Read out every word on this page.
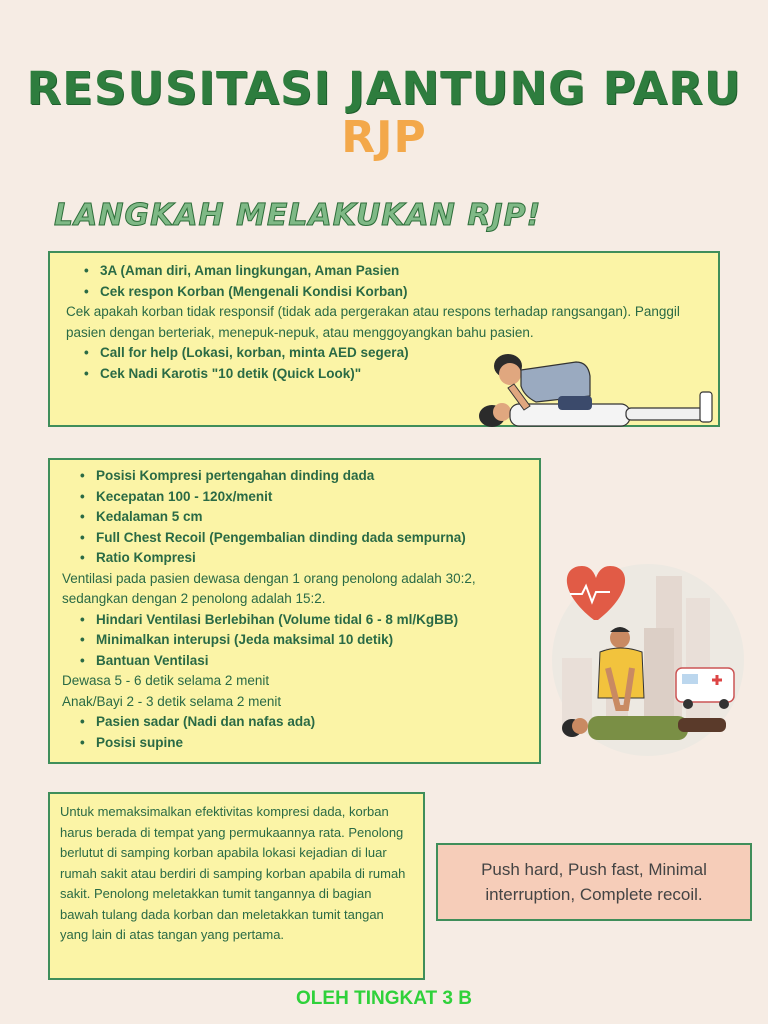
RESUSITASI JANTUNG PARU
RJP
LANGKAH MELAKUKAN RJP!
• 3A (Aman diri, Aman lingkungan, Aman Pasien
• Cek respon Korban (Mengenali Kondisi Korban)

Cek apakah korban tidak responsif (tidak ada pergerakan atau respons terhadap rangsangan). Panggil pasien dengan berteriak, menepuk-nepuk, atau menggoyangkan bahu pasien.

• Call for help (Lokasi, korban, minta AED segera)
• Cek Nadi Karotis "10 detik (Quick Look)"
• Posisi Kompresi pertengahan dinding dada
• Kecepatan 100 - 120x/menit
• Kedalaman 5 cm
• Full Chest Recoil (Pengembalian dinding dada sempurna)
• Ratio Kompresi

Ventilasi pada pasien dewasa dengan 1 orang penolong adalah 30:2, sedangkan dengan 2 penolong adalah 15:2.

• Hindari Ventilasi Berlebihan (Volume tidal 6 - 8 ml/KgBB)
• Minimalkan interupsi (Jeda maksimal 10 detik)
• Bantuan Ventilasi

Dewasa 5 - 6 detik selama 2 menit

Anak/Bayi 2 - 3 detik selama 2 menit

• Pasien sadar (Nadi dan nafas ada)
• Posisi supine

Untuk memaksimalkan efektivitas kompresi dada, korban harus berada di tempat yang permukaannya rata. Penolong berlutut di samping korban apabila lokasi kejadian di luar rumah sakit atau berdiri di samping korban apabila di rumah sakit. Penolong meletakkan tumit tangannya di bagian bawah tulang dada korban dan meletakkan tumit tangan yang lain di atas tangan yang pertama.

Push hard, Push fast, Minimal interruption, Complete recoil.
OLEH TINGKAT 3 B
